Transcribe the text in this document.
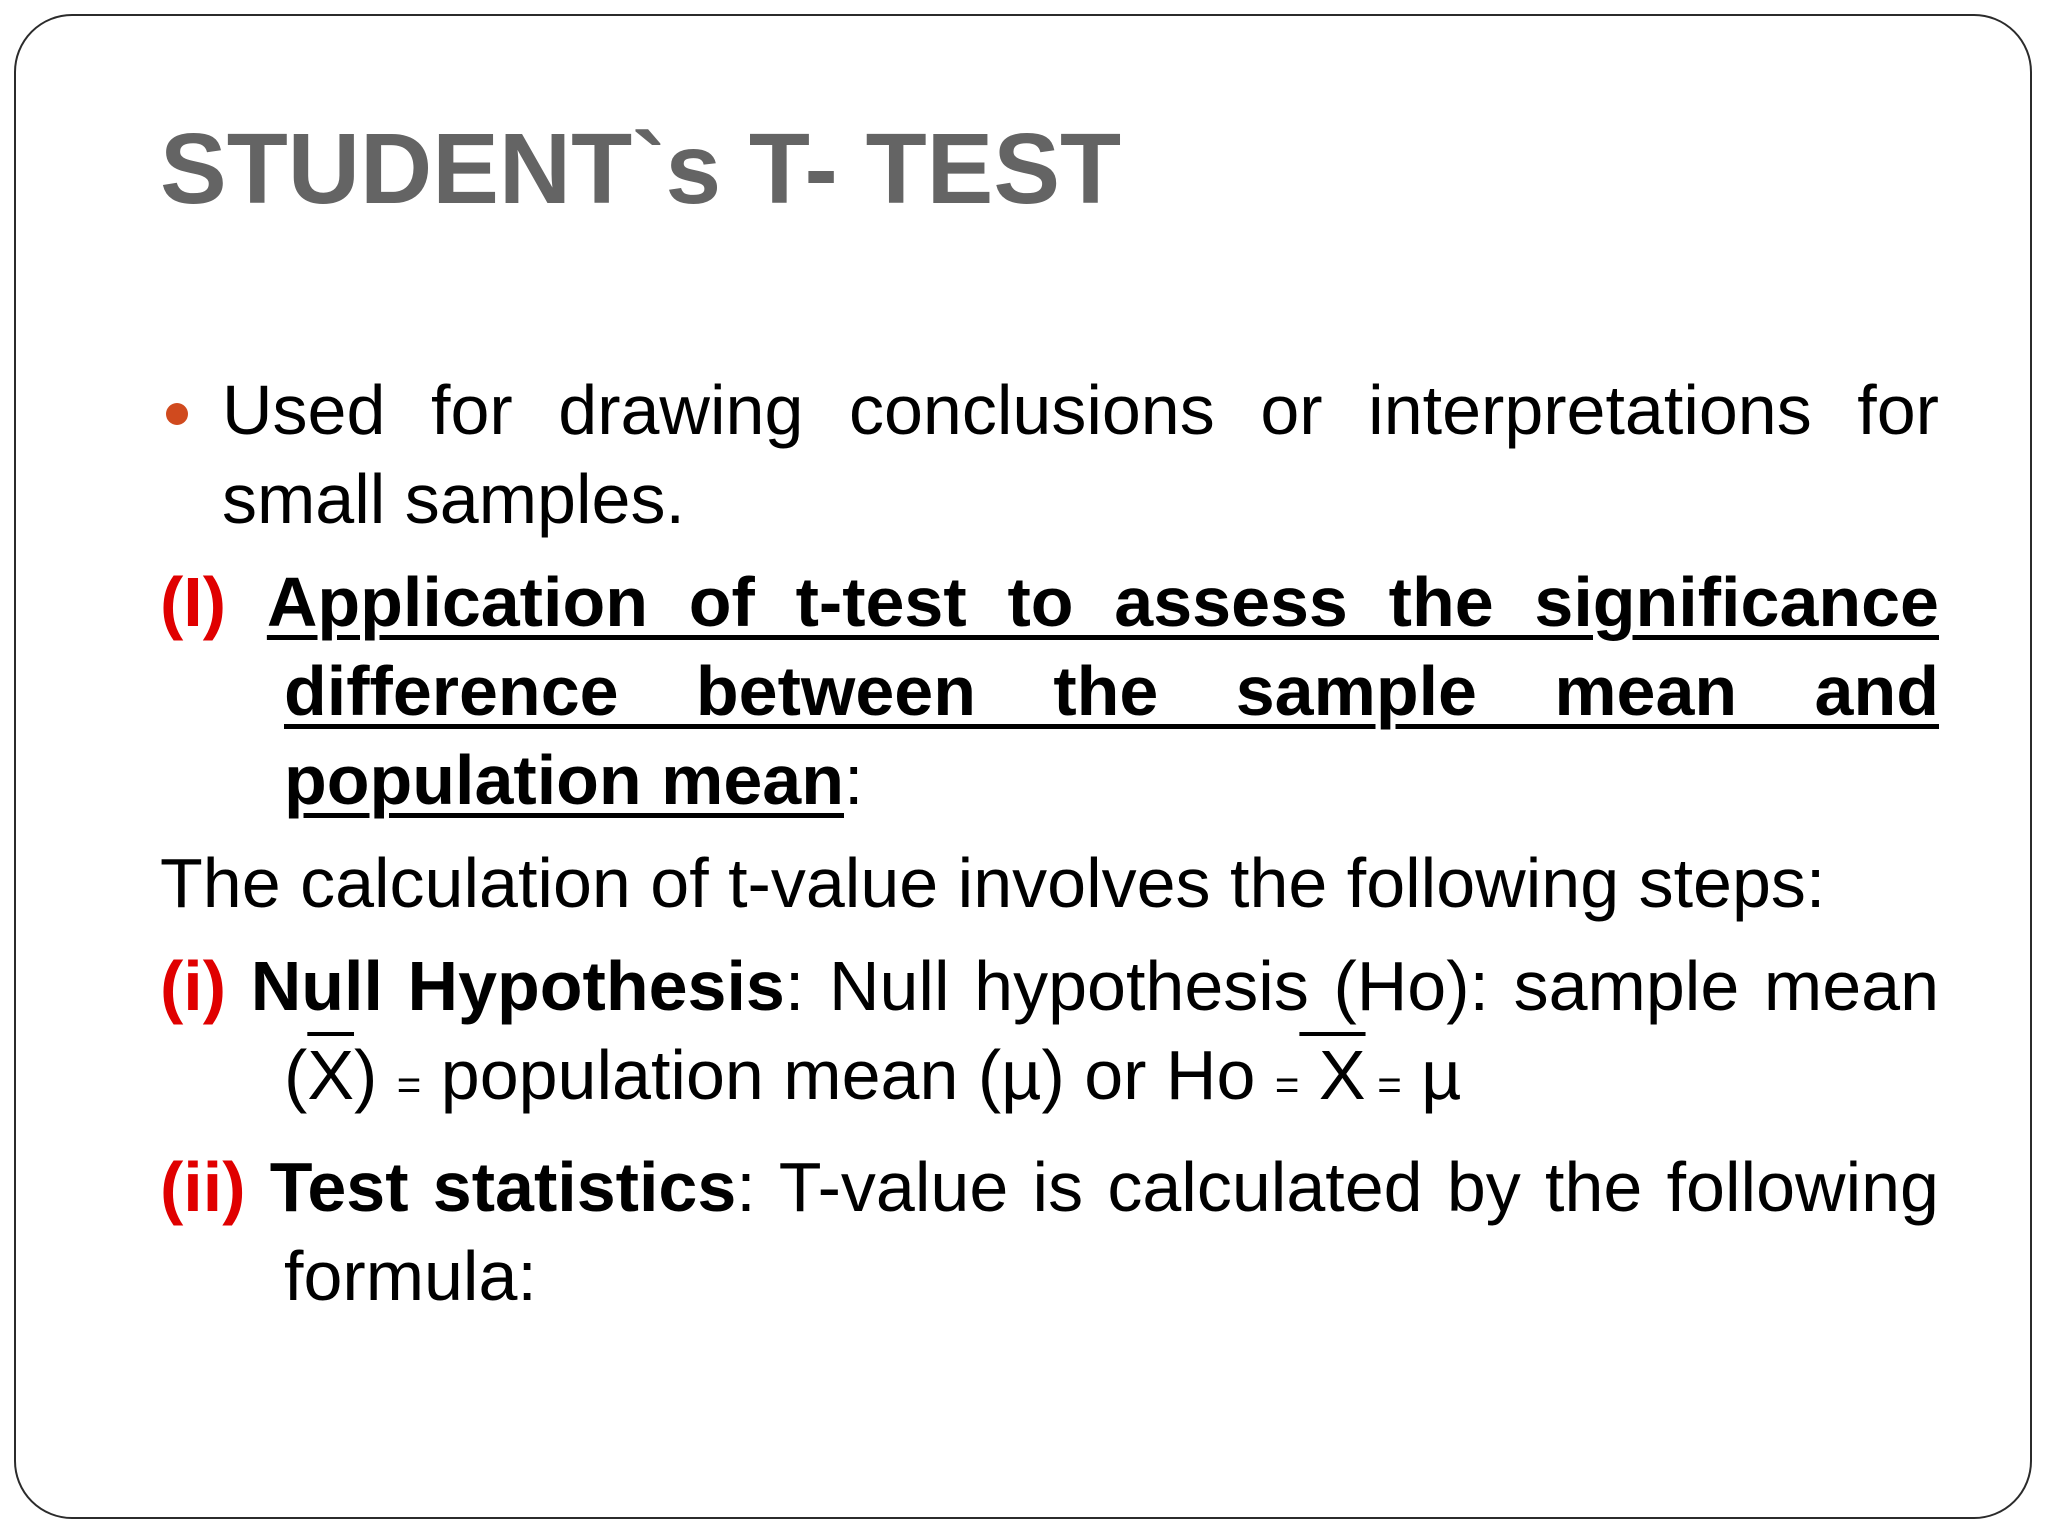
STUDENT`s T- TEST
Used for drawing conclusions or interpretations for small samples.
(I) Application of t-test to assess the significance difference between the sample mean and population mean:
The calculation of t-value involves the following steps:
(i) Null Hypothesis: Null hypothesis (Ho): sample mean $(\overline{X})$ = population mean (µ) or Ho = X = µ
(ii) Test statistics: T-value is calculated by the following formula:
